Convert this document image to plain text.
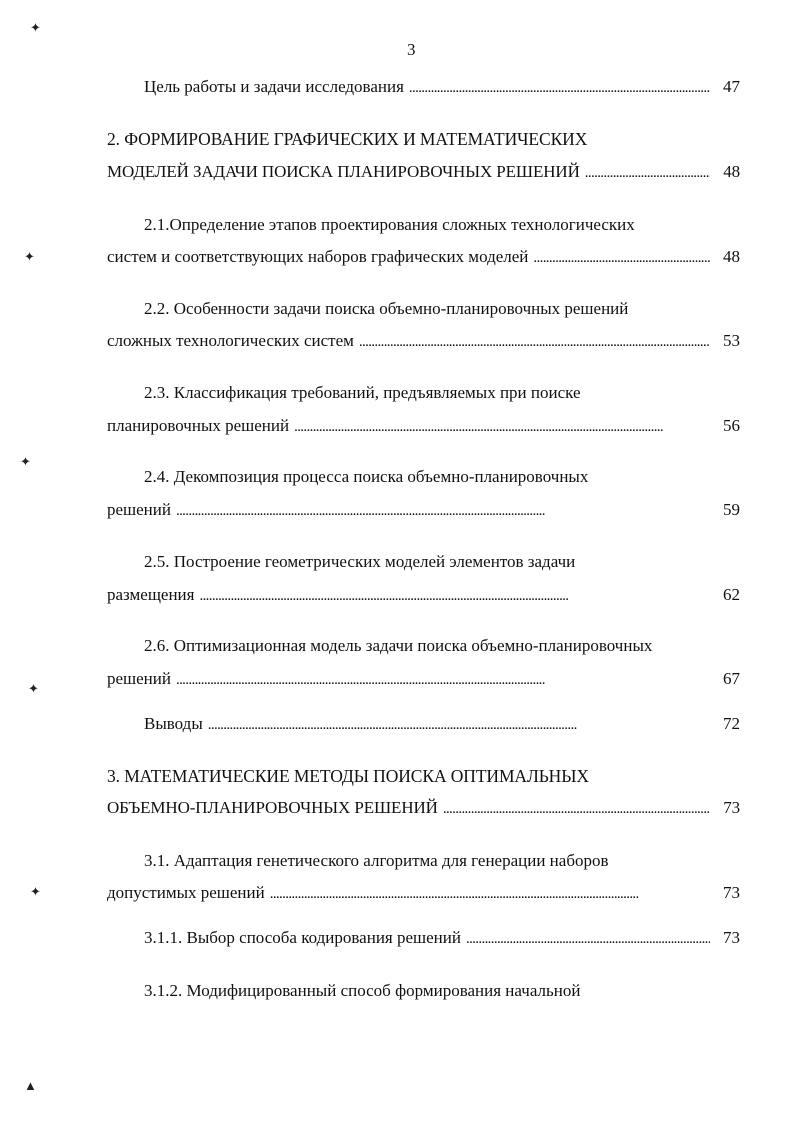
3
✦
✦
✦
✦
✦
▲
Цель работы и задачи исследования . . .	47
2. ФОРМИРОВАНИЕ ГРАФИЧЕСКИХ И МАТЕМАТИЧЕСКИХ
МОДЕЛЕЙ ЗАДАЧИ ПОИСКА ПЛАНИРОВОЧНЫХ РЕШЕНИЙ . . .	48
2.1.Определение этапов проектирования сложных технологических
систем и соответствующих наборов графических моделей . . .	48
2.2. Особенности задачи поиска объемно-планировочных решений
сложных технологических систем . . .	53
2.3. Классификация требований, предъявляемых при поиске
планировочных решений . . .	56
2.4. Декомпозиция процесса поиска объемно-планировочных
решений . . .	59
2.5. Построение геометрических моделей элементов задачи
размещения . . .	62
2.6. Оптимизационная модель задачи поиска объемно-планировочных
решений . . .	67
Выводы . . .	72
3. МАТЕМАТИЧЕСКИЕ МЕТОДЫ ПОИСКА ОПТИМАЛЬНЫХ
ОБЪЕМНО-ПЛАНИРОВОЧНЫХ РЕШЕНИЙ . . .	73
3.1. Адаптация генетического алгоритма для генерации наборов
допустимых решений . . .	73
3.1.1. Выбор способа кодирования решений . . .	73
3.1.2. Модифицированный способ формирования начальной
